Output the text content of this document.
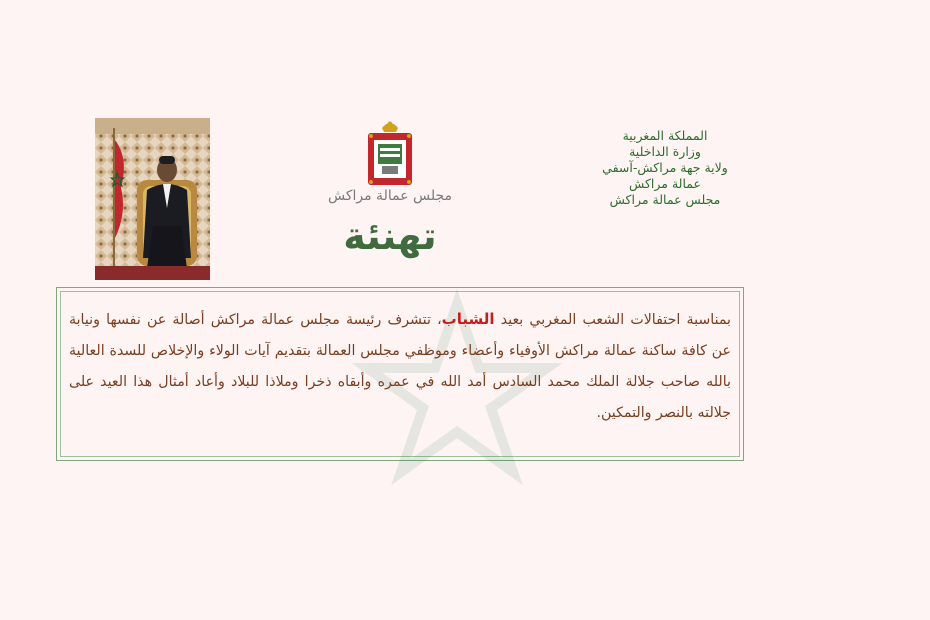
مجلس عمالة مراكش
تهنئة
المملكة المغربية
وزارة الداخلية
ولاية جهة مراكش-آسفي
عمالة مراكش
مجلس عمالة مراكش
بمناسبة احتفالات الشعب المغربي بعيد الشباب، تتشرف رئيسة مجلس عمالة مراكش أصالة عن نفسها ونيابة عن كافة ساكنة عمالة مراكش الأوفياء وأعضاء وموظفي مجلس العمالة بتقديم آيات الولاء والإخلاص للسدة العالية بالله صاحب جلالة الملك محمد السادس أمد الله في عمره وأبقاه ذخرا وملاذا للبلاد وأعاد أمثال هذا العيد على جلالته بالنصر والتمكين.
